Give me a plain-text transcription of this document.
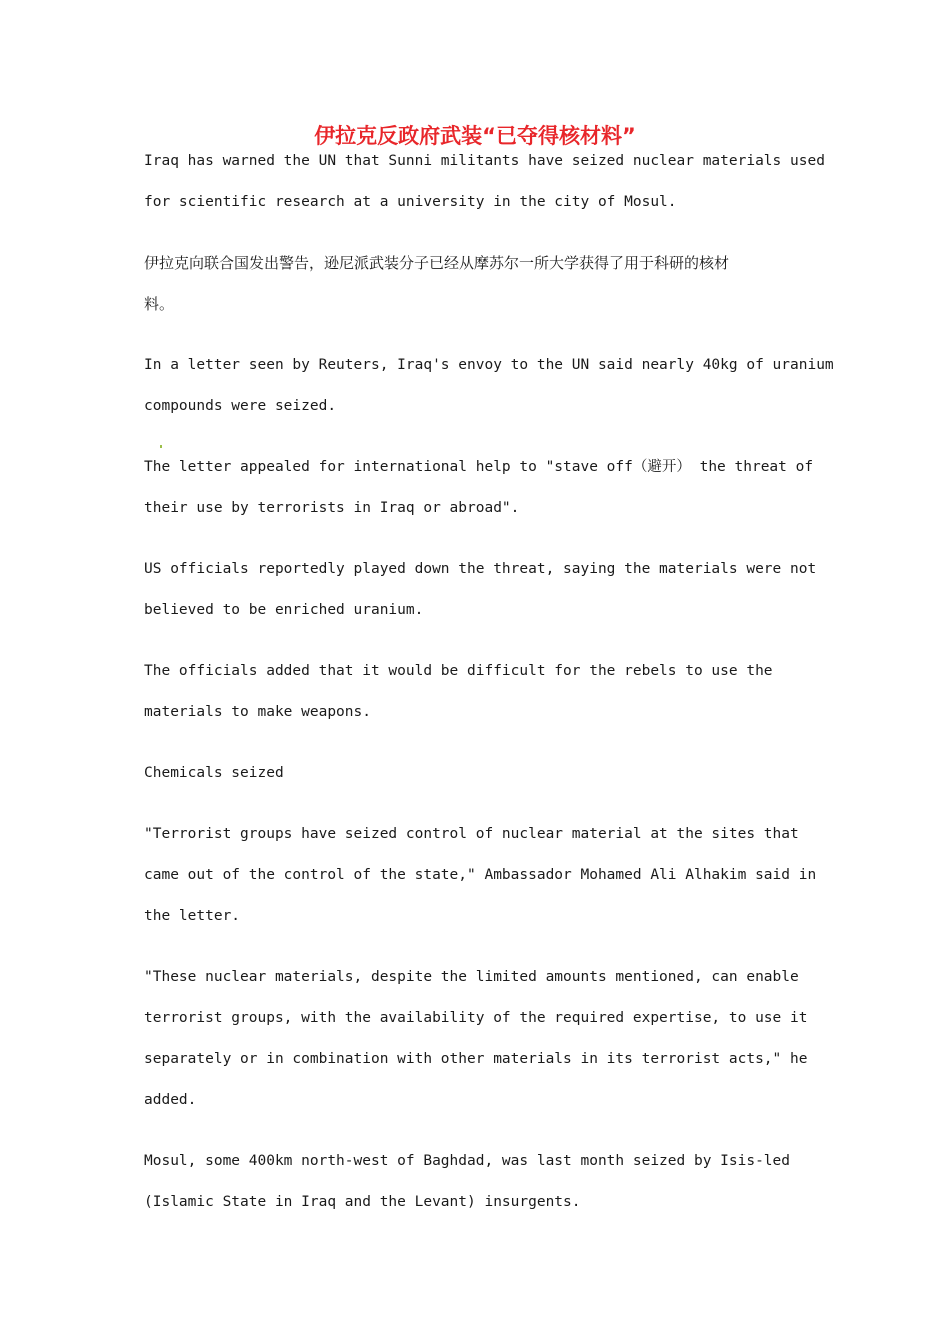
伊拉克反政府武装“已夺得核材料”

Iraq has warned the UN that Sunni militants have seized nuclear materials used
for scientific research at a university in the city of Mosul.

伊拉克向联合国发出警告，逊尼派武装分子已经从摩苏尔一所大学获得了用于科研的核材
料。

In a letter seen by Reuters, Iraq's envoy to the UN said nearly 40kg of uranium
compounds were seized.

The letter appealed for international help to "stave off（避开） the threat of
their use by terrorists in Iraq or abroad".

US officials reportedly played down the threat, saying the materials were not
believed to be enriched uranium.

The officials added that it would be difficult for the rebels to use the
materials to make weapons.

Chemicals seized

"Terrorist groups have seized control of nuclear material at the sites that
came out of the control of the state," Ambassador Mohamed Ali Alhakim said in
the letter.

"These nuclear materials, despite the limited amounts mentioned, can enable
terrorist groups, with the availability of the required expertise, to use it
separately or in combination with other materials in its terrorist acts," he
added.

Mosul, some 400km north-west of Baghdad, was last month seized by Isis-led
(Islamic State in Iraq and the Levant) insurgents.
